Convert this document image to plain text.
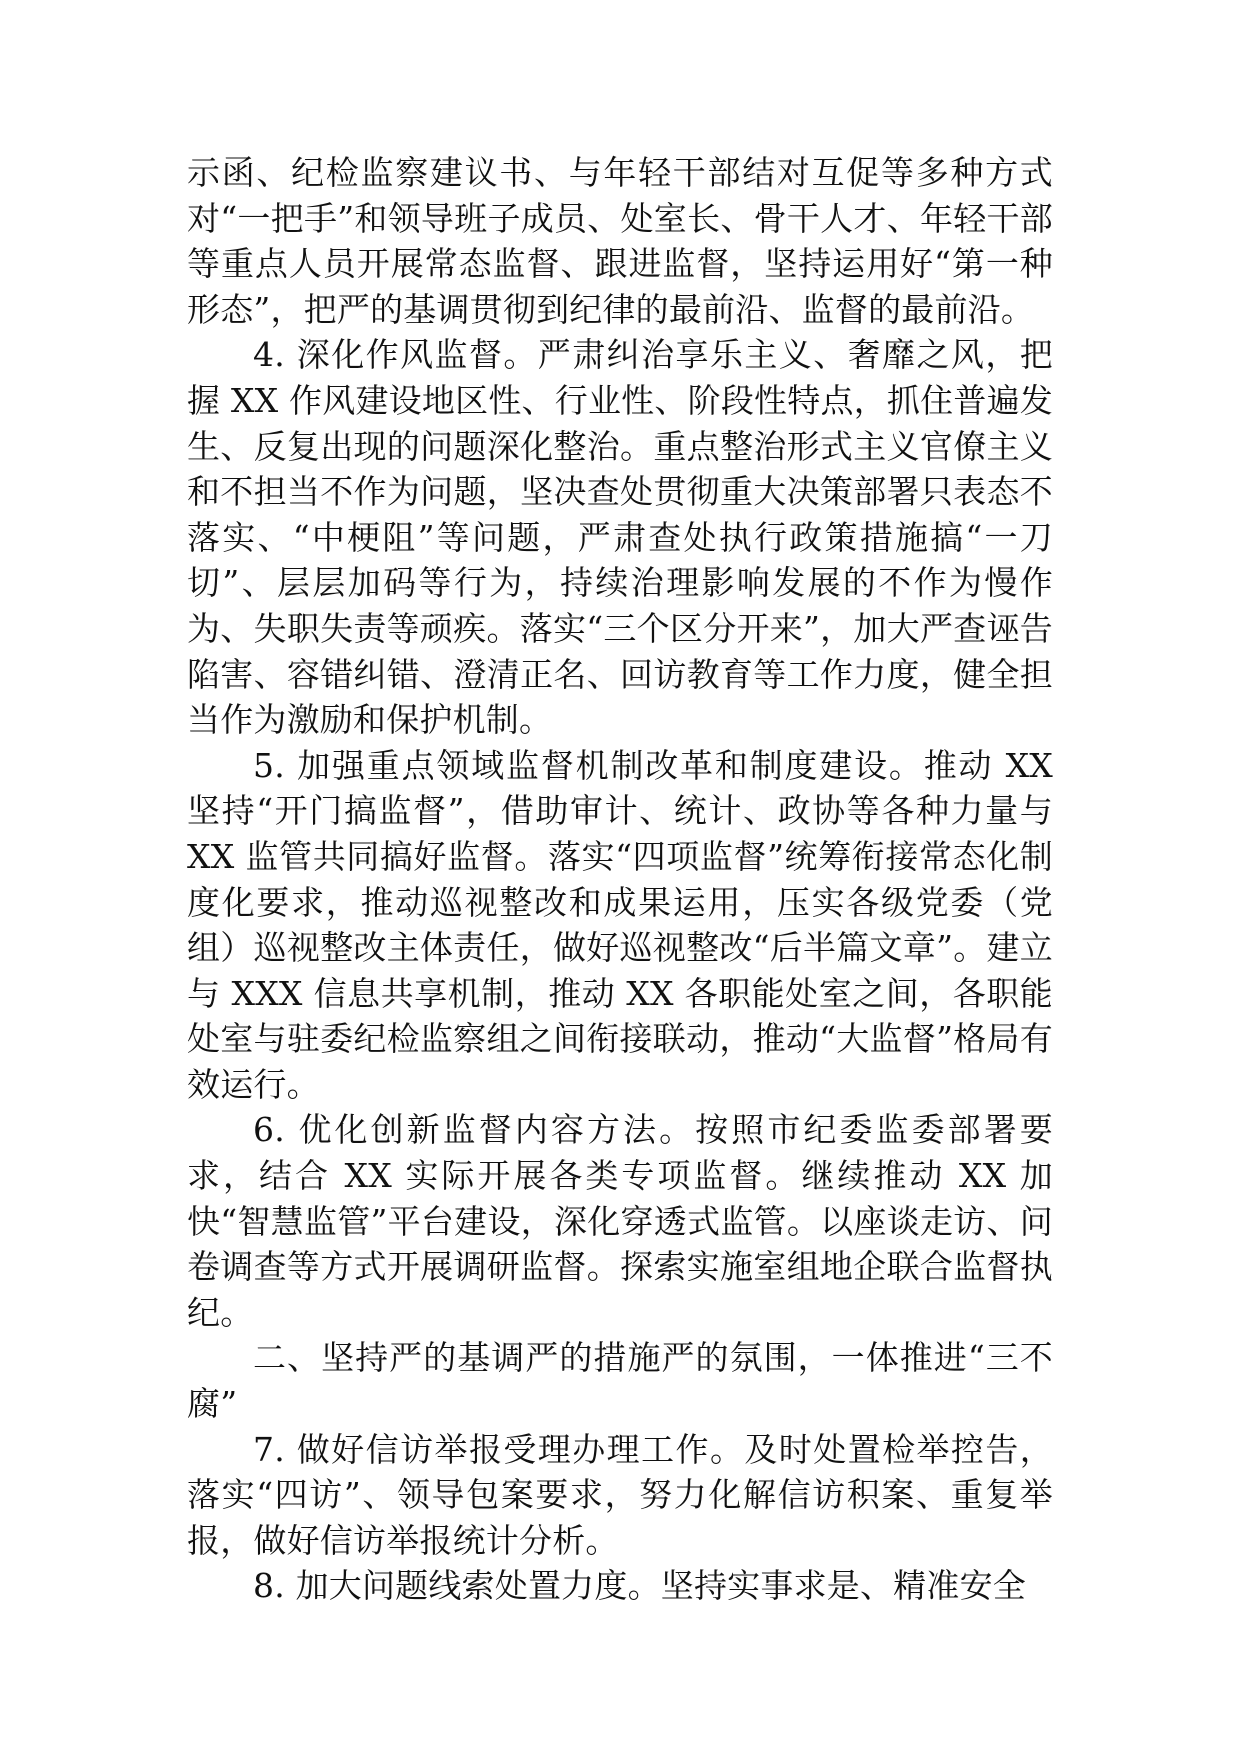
示函、纪检监察建议书、与年轻干部结对互促等多种方式对“一把手”和领导班子成员、处室长、骨干人才、年轻干部等重点人员开展常态监督、跟进监督，坚持运用好“第一种形态”，把严的基调贯彻到纪律的最前沿、监督的最前沿。

4. 深化作风监督。严肃纠治享乐主义、奢靡之风，把握 XX 作风建设地区性、行业性、阶段性特点，抓住普遍发生、反复出现的问题深化整治。重点整治形式主义官僚主义和不担当不作为问题，坚决查处贯彻重大决策部署只表态不落实、“中梗阻”等问题，严肃查处执行政策措施搞“一刀切”、层层加码等行为，持续治理影响发展的不作为慢作为、失职失责等顽疾。落实“三个区分开来”，加大严查诬告陷害、容错纠错、澄清正名、回访教育等工作力度，健全担当作为激励和保护机制。

5. 加强重点领域监督机制改革和制度建设。推动 XX 坚持“开门搞监督”，借助审计、统计、政协等各种力量与 XX 监管共同搞好监督。落实“四项监督”统筹衔接常态化制度化要求，推动巡视整改和成果运用，压实各级党委（党组）巡视整改主体责任，做好巡视整改“后半篇文章”。建立与 XXX 信息共享机制，推动 XX 各职能处室之间，各职能处室与驻委纪检监察组之间衔接联动，推动“大监督”格局有效运行。

6. 优化创新监督内容方法。按照市纪委监委部署要求，结合 XX 实际开展各类专项监督。继续推动 XX 加快“智慧监管”平台建设，深化穿透式监管。以座谈走访、问卷调查等方式开展调研监督。探索实施室组地企联合监督执纪。

二、坚持严的基调严的措施严的氛围，一体推进“三不腐”

7. 做好信访举报受理办理工作。及时处置检举控告，落实“四访”、领导包案要求，努力化解信访积案、重复举报，做好信访举报统计分析。

8. 加大问题线索处置力度。坚持实事求是、精准安全
